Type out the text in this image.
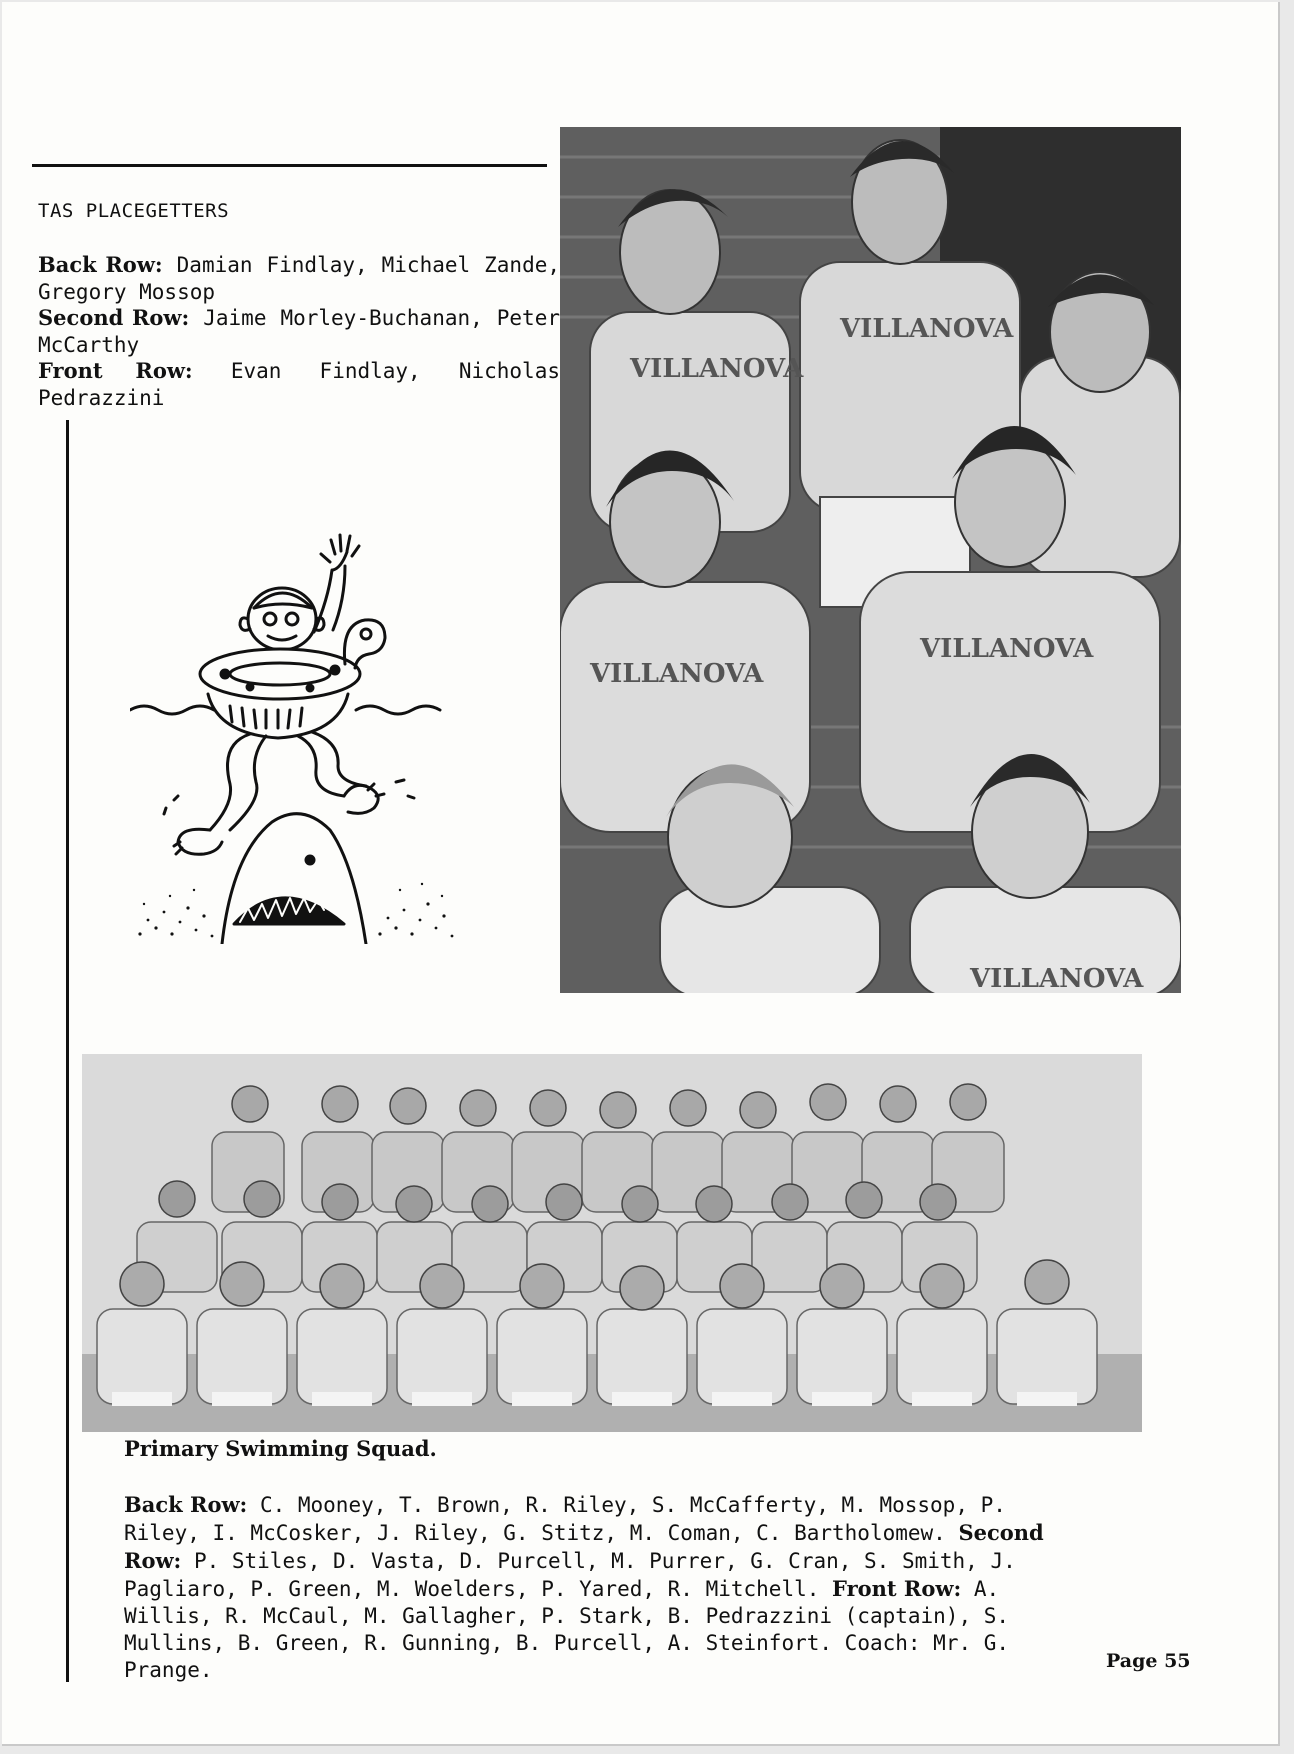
TAS PLACEGETTERS
Back Row: Damian Findlay, Michael Zande, Gregory Mossop
Second Row: Jaime Morley-Buchanan, Peter McCarthy
Front Row: Evan Findlay, Nicholas Pedrazzini
VILLANOVA
VILLANOVA
VILLANOVA
VILLANOVA
VILLANOVA
Primary Swimming Squad.
Back Row: C. Mooney, T. Brown, R. Riley, S. McCafferty, M. Mossop, P. Riley, I. McCosker, J. Riley, G. Stitz, M. Coman, C. Bartholomew. Second Row: P. Stiles, D. Vasta, D. Purcell, M. Purrer, G. Cran, S. Smith, J. Pagliaro, P. Green, M. Woelders, P. Yared, R. Mitchell. Front Row: A. Willis, R. McCaul, M. Gallagher, P. Stark, B. Pedrazzini (captain), S. Mullins, B. Green, R. Gunning, B. Purcell, A. Steinfort. Coach: Mr. G. Prange.	Page 55
